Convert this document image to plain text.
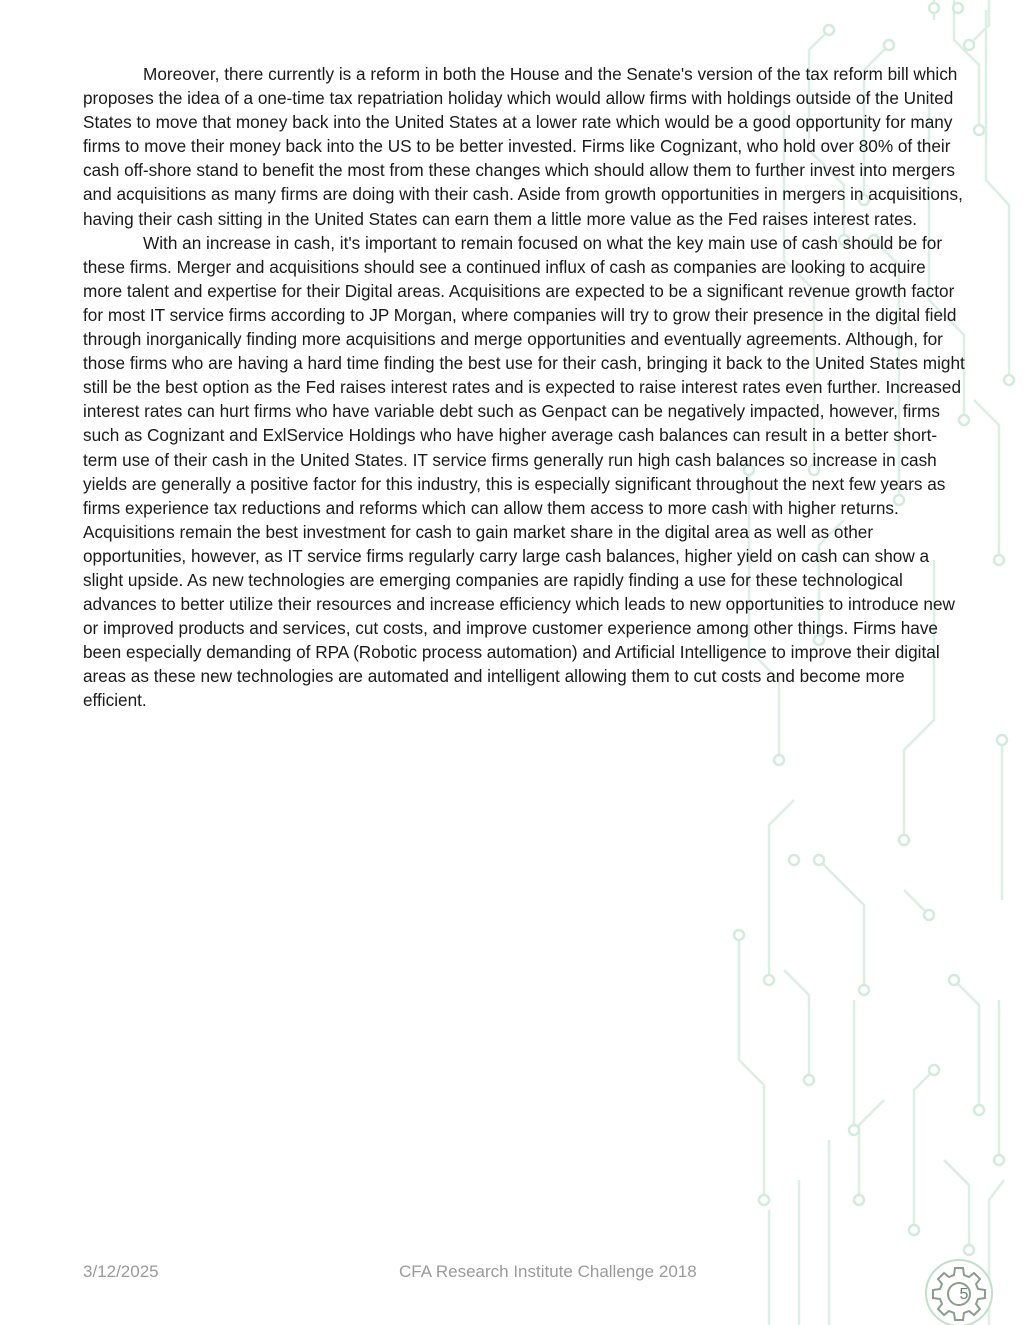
Moreover, there currently is a reform in both the House and the Senate's version of the tax reform bill which proposes the idea of a one-time tax repatriation holiday which would allow firms with holdings outside of the United States to move that money back into the United States at a lower rate which would be a good opportunity for many firms to move their money back into the US to be better invested. Firms like Cognizant, who hold over 80% of their cash off-shore stand to benefit the most from these changes which should allow them to further invest into mergers and acquisitions as many firms are doing with their cash. Aside from growth opportunities in mergers in acquisitions, having their cash sitting in the United States can earn them a little more value as the Fed raises interest rates.

With an increase in cash, it's important to remain focused on what the key main use of cash should be for these firms. Merger and acquisitions should see a continued influx of cash as companies are looking to acquire more talent and expertise for their Digital areas. Acquisitions are expected to be a significant revenue growth factor for most IT service firms according to JP Morgan, where companies will try to grow their presence in the digital field through inorganically finding more acquisitions and merge opportunities and eventually agreements. Although, for those firms who are having a hard time finding the best use for their cash, bringing it back to the United States might still be the best option as the Fed raises interest rates and is expected to raise interest rates even further. Increased interest rates can hurt firms who have variable debt such as Genpact can be negatively impacted, however, firms such as Cognizant and ExlService Holdings who have higher average cash balances can result in a better short-term use of their cash in the United States. IT service firms generally run high cash balances so increase in cash yields are generally a positive factor for this industry, this is especially significant throughout the next few years as firms experience tax reductions and reforms which can allow them access to more cash with higher returns. Acquisitions remain the best investment for cash to gain market share in the digital area as well as other opportunities, however, as IT service firms regularly carry large cash balances, higher yield on cash can show a slight upside. As new technologies are emerging companies are rapidly finding a use for these technological advances to better utilize their resources and increase efficiency which leads to new opportunities to introduce new or improved products and services, cut costs, and improve customer experience among other things. Firms have been especially demanding of RPA (Robotic process automation) and Artificial Intelligence to improve their digital areas as these new technologies are automated and intelligent allowing them to cut costs and become more efficient.

3/12/2025	CFA Research Institute Challenge 2018
5
